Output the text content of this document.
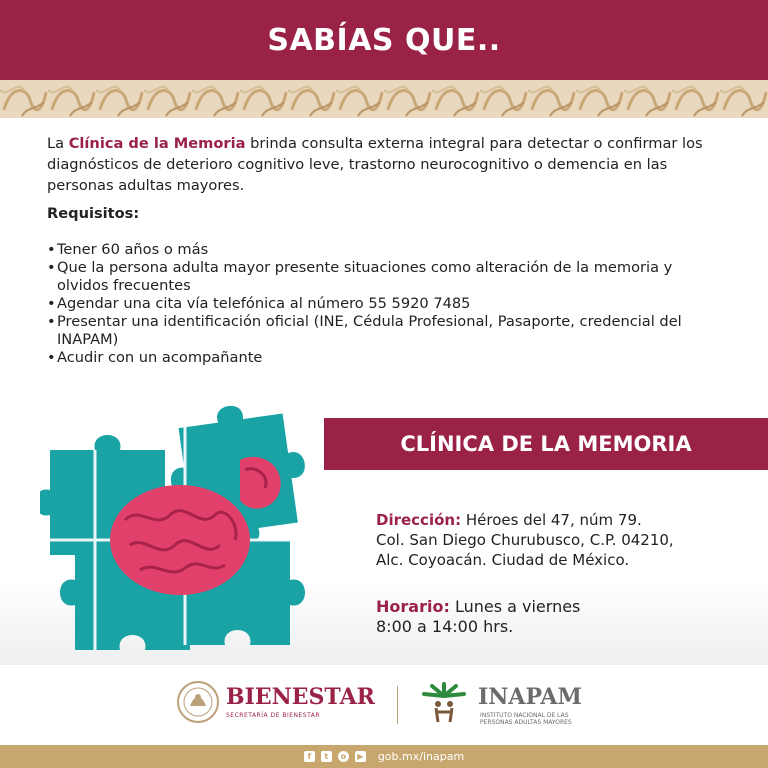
SABÍAS QUE..

La Clínica de la Memoria brinda consulta externa integral para detectar o confirmar los diagnósticos de deterioro cognitivo leve, trastorno neurocognitivo o demencia en las personas adultas mayores.

Requisitos:

• Tener 60 años o más
• Que la persona adulta mayor presente situaciones como alteración de la memoria y olvidos frecuentes
• Agendar una cita vía telefónica al número 55 5920 7485
• Presentar una identificación oficial (INE, Cédula Profesional, Pasaporte, credencial del INAPAM)
• Acudir con un acompañante
CLÍNICA DE LA MEMORIA
Dirección: Héroes del 47, núm 79.
Col. San Diego Churubusco, C.P. 04210,
Alc. Coyoacán. Ciudad de México.
Horario: Lunes a viernes
8:00 a 14:00 hrs.
BIENESTAR
SECRETARÍA DE BIENESTAR
INAPAM
INSTITUTO NACIONAL DE LAS
PERSONAS ADULTAS MAYORES
f	t	o	▶ gob.mx/inapam
